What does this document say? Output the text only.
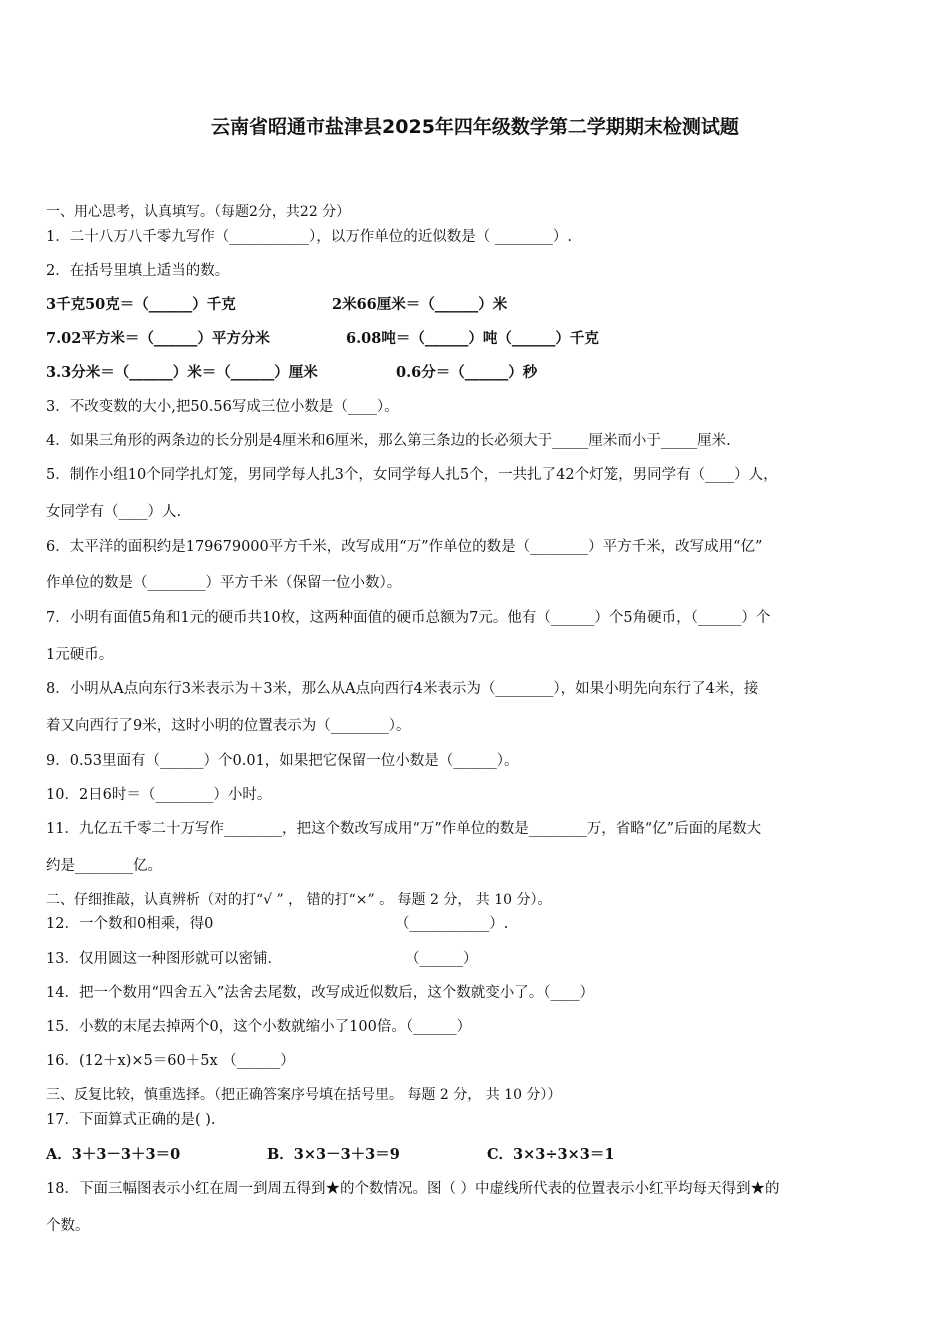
云南省昭通市盐津县2025年四年级数学第二学期期末检测试题
一、用心思考，认真填写。（每题2分，共22 分）
1．二十八万八千零九写作（___________），以万作单位的近似数是（ ________）.
2．在括号里填上适当的数。
3千克50克＝（______）千克	2米66厘米＝（______）米
7.02平方米＝（______）平方分米	6.08吨＝（______）吨（______）千克
3.3分米＝（______）米＝（______）厘米	0.6分＝（______）秒
3．不改变数的大小,把50.56写成三位小数是（____）。
4．如果三角形的两条边的长分别是4厘米和6厘米，那么第三条边的长必须大于_____厘米而小于_____厘米.
5．制作小组10个同学扎灯笼，男同学每人扎3个，女同学每人扎5个，一共扎了42个灯笼，男同学有（____）人，
女同学有（____）人.
6．太平洋的面积约是179679000平方千米，改写成用“万”作单位的数是（________）平方千米，改写成用“亿”
作单位的数是（________）平方千米（保留一位小数）。
7．小明有面值5角和1元的硬币共10枚，这两种面值的硬币总额为7元。他有（______）个5角硬币，（______）个
1元硬币。
8．小明从A点向东行3米表示为＋3米，那么从A点向西行4米表示为（________），如果小明先向东行了4米，接
着又向西行了9米，这时小明的位置表示为（________）。
9．0.53里面有（______）个0.01，如果把它保留一位小数是（______）。
10．2日6时＝（________）小时。
11．九亿五千零二十万写作________，把这个数改写成用“万”作单位的数是________万，省略“亿”后面的尾数大
约是________亿。
二、仔细推敲，认真辨析（对的打“√ ” ， 错的打“×” 。 每题 2 分， 共 10 分）。
12．一个数和0相乘，得0	（___________）.
13．仅用圆这一种图形就可以密铺．	（______）
14．把一个数用“四舍五入”法舍去尾数，改写成近似数后，这个数就变小了。（____）
15．小数的末尾去掉两个0，这个小数就缩小了100倍。（______）
16．(12＋x)×5＝60＋5x （______）
三、反复比较，慎重选择。（把正确答案序号填在括号里。 每题 2 分， 共 10 分））
17．下面算式正确的是( ).
A．3＋3－3＋3＝0	B．3×3－3＋3＝9	C．3×3÷3×3＝1
18．下面三幅图表示小红在周一到周五得到★的个数情况。图（ ）中虚线所代表的位置表示小红平均每天得到★的
个数。
